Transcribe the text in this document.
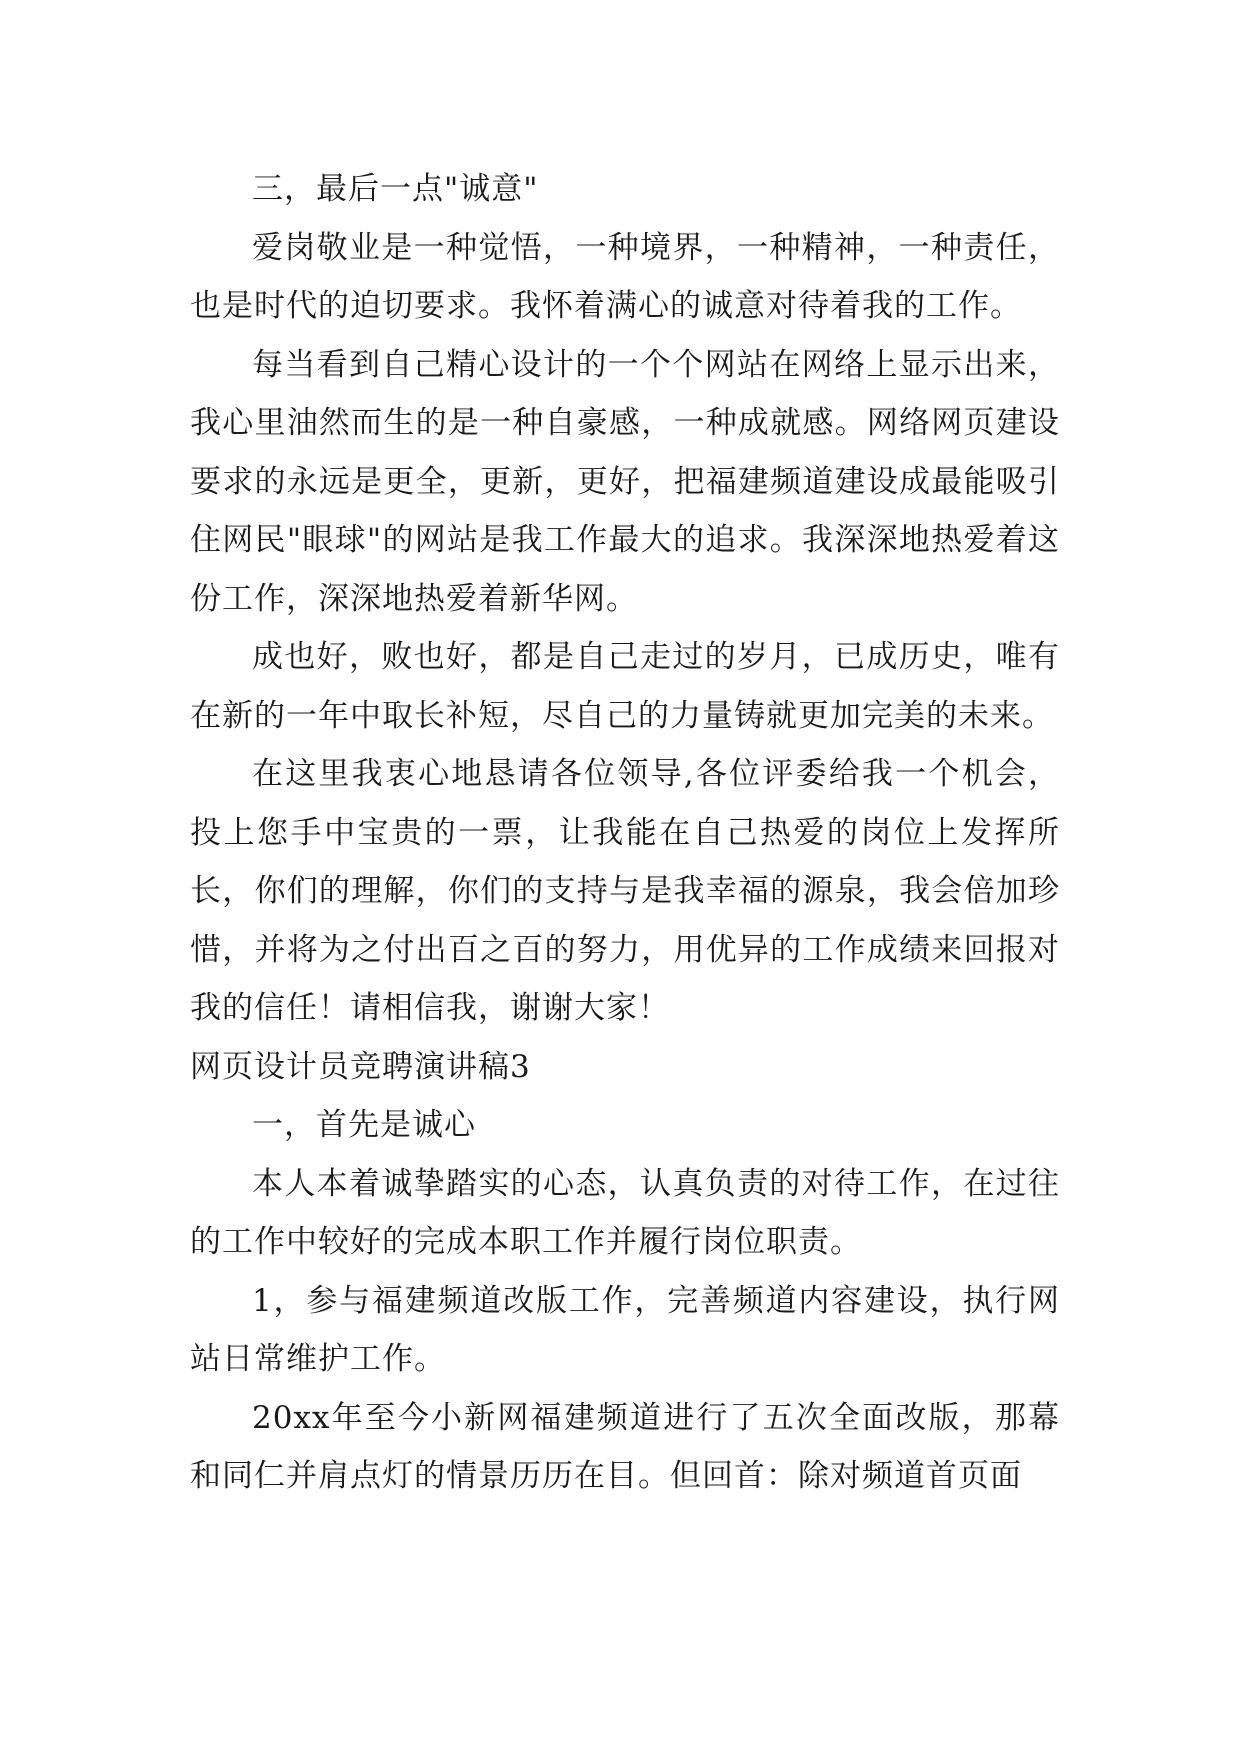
三，最后一点"诚意"

爱岗敬业是一种觉悟，一种境界，一种精神，一种责任，也是时代的迫切要求。我怀着满心的诚意对待着我的工作。

每当看到自己精心设计的一个个网站在网络上显示出来，我心里油然而生的是一种自豪感，一种成就感。网络网页建设要求的永远是更全，更新，更好，把福建频道建设成最能吸引住网民"眼球"的网站是我工作最大的追求。我深深地热爱着这份工作，深深地热爱着新华网。

成也好，败也好，都是自己走过的岁月，已成历史，唯有在新的一年中取长补短，尽自己的力量铸就更加完美的未来。

在这里我衷心地恳请各位领导,各位评委给我一个机会，投上您手中宝贵的一票，让我能在自己热爱的岗位上发挥所长，你们的理解，你们的支持与是我幸福的源泉，我会倍加珍惜，并将为之付出百之百的努力，用优异的工作成绩来回报对我的信任！请相信我，谢谢大家！

网页设计员竞聘演讲稿3

一，首先是诚心

本人本着诚挚踏实的心态，认真负责的对待工作，在过往的工作中较好的完成本职工作并履行岗位职责。

1，参与福建频道改版工作，完善频道内容建设，执行网站日常维护工作。

20xx年至今小新网福建频道进行了五次全面改版，那幕和同仁并肩点灯的情景历历在目。但回首：除对频道首页面
